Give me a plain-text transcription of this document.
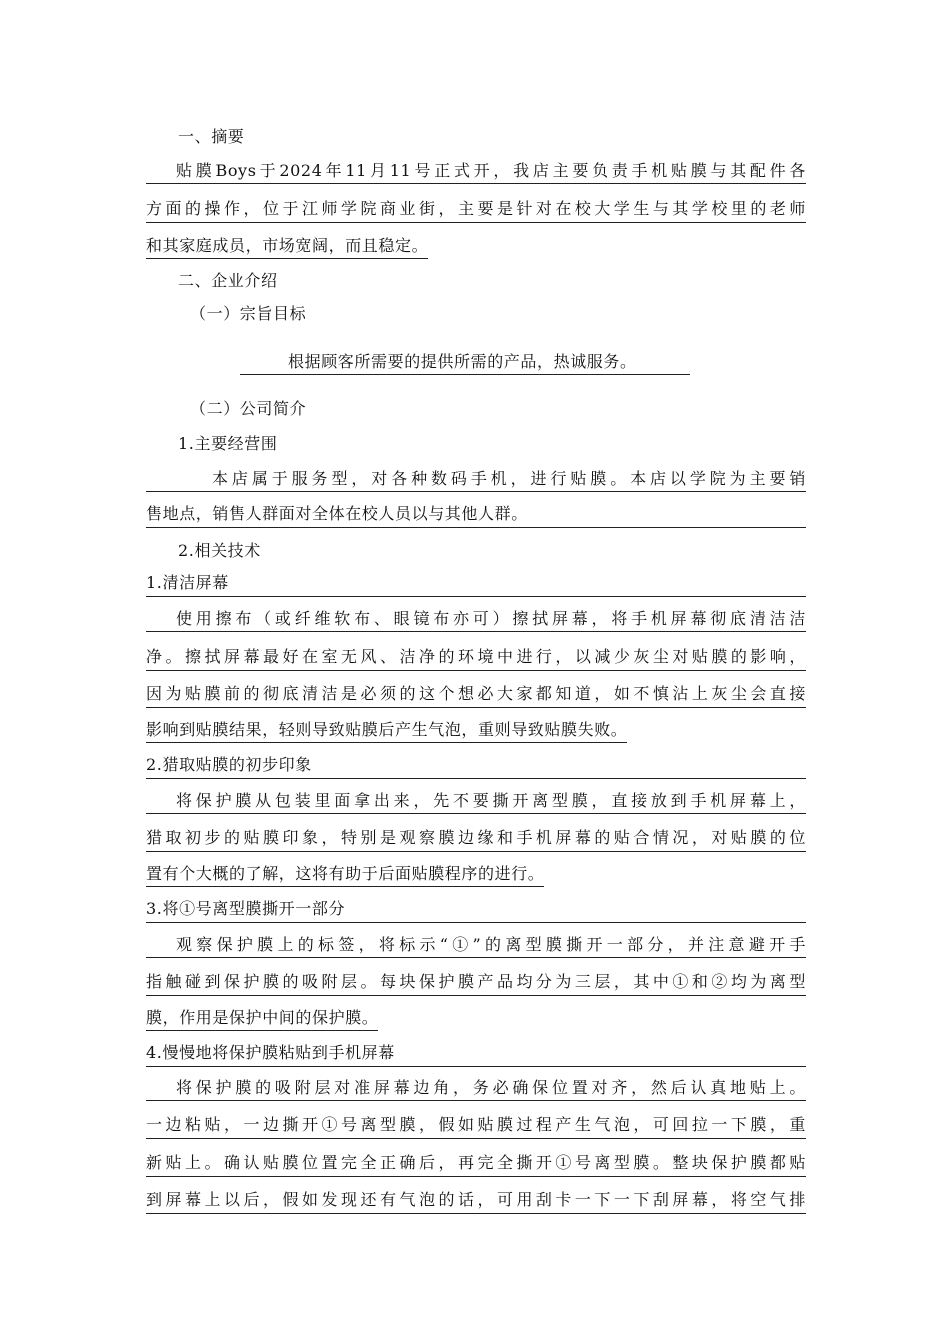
一、摘要
贴膜Boys于2024年11月11号正式开，我店主要负责手机贴膜与其配件各
方面的操作，位于江师学院商业街，主要是针对在校大学生与其学校里的老师
和其家庭成员，市场宽阔，而且稳定。
二、企业介绍
（一）宗旨目标
根据顾客所需要的提供所需的产品，热诚服务。
（二）公司简介
1.主要经营围
本店属于服务型，对各种数码手机，进行贴膜。本店以学院为主要销
售地点，销售人群面对全体在校人员以与其他人群。
2.相关技术
1.清洁屏幕
使用擦布（或纤维软布、眼镜布亦可）擦拭屏幕，将手机屏幕彻底清洁洁
净。擦拭屏幕最好在室无风、洁净的环境中进行，以减少灰尘对贴膜的影响，
因为贴膜前的彻底清洁是必须的这个想必大家都知道，如不慎沾上灰尘会直接
影响到贴膜结果，轻则导致贴膜后产生气泡，重则导致贴膜失败。
2.猎取贴膜的初步印象
将保护膜从包装里面拿出来，先不要撕开离型膜，直接放到手机屏幕上，
猎取初步的贴膜印象，特别是观察膜边缘和手机屏幕的贴合情况，对贴膜的位
置有个大概的了解，这将有助于后面贴膜程序的进行。
3.将①号离型膜撕开一部分
观察保护膜上的标签，将标示“①”的离型膜撕开一部分，并注意避开手
指触碰到保护膜的吸附层。每块保护膜产品均分为三层，其中①和②均为离型
膜，作用是保护中间的保护膜。
4.慢慢地将保护膜粘贴到手机屏幕
将保护膜的吸附层对准屏幕边角，务必确保位置对齐，然后认真地贴上。
一边粘贴，一边撕开①号离型膜，假如贴膜过程产生气泡，可回拉一下膜，重
新贴上。确认贴膜位置完全正确后，再完全撕开①号离型膜。整块保护膜都贴
到屏幕上以后，假如发现还有气泡的话，可用刮卡一下一下刮屏幕，将空气排
